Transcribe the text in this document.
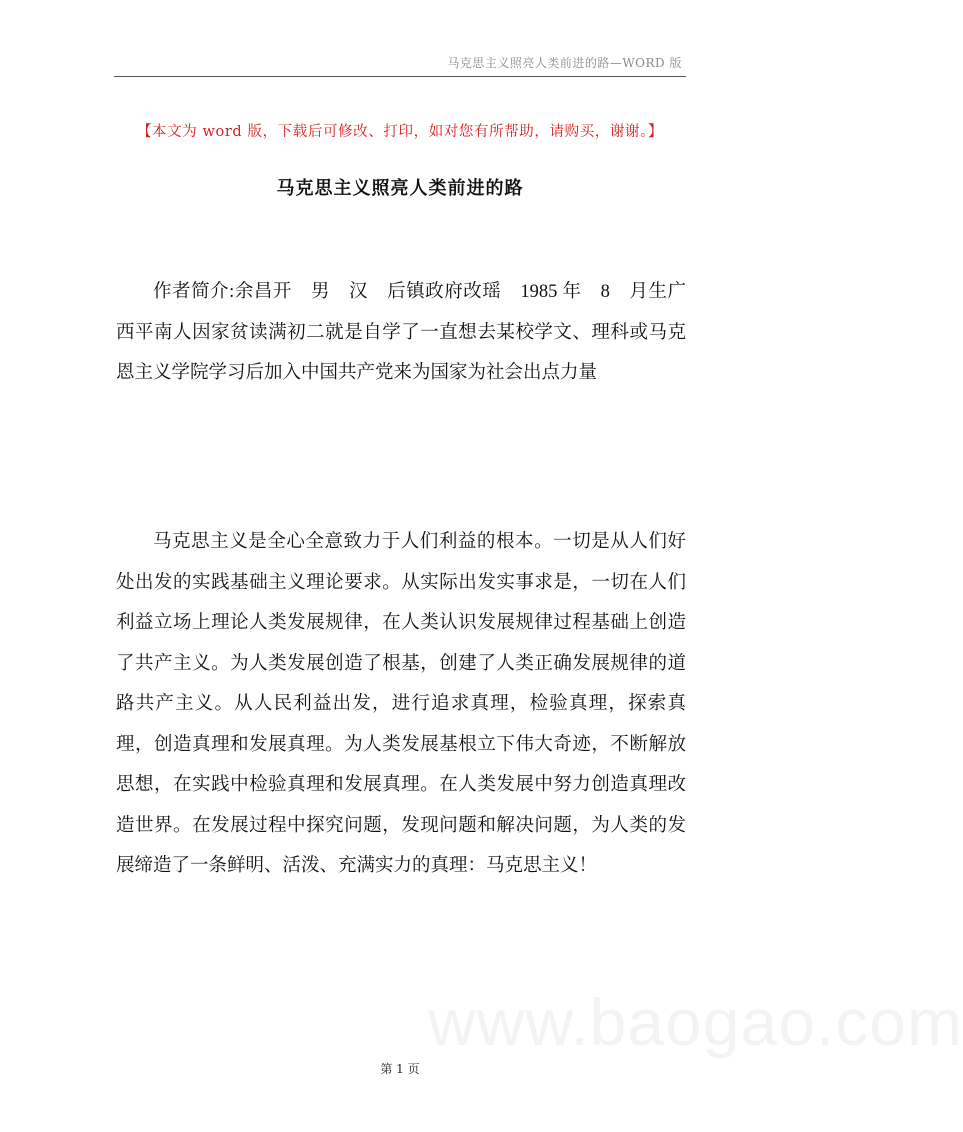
马克思主义照亮人类前进的路—WORD 版
【本文为 word 版，下载后可修改、打印，如对您有所帮助，请购买，谢谢。】
马克思主义照亮人类前进的路

作者简介:余昌开　男　汉　后镇政府改瑶　1985 年　8　月生广西平南人因家贫读满初二就是自学了一直想去某校学文、理科或马克恩主义学院学习后加入中国共产党来为国家为社会出点力量

马克思主义是全心全意致力于人们利益的根本。一切是从人们好处出发的实践基础主义理论要求。从实际出发实事求是，一切在人们利益立场上理论人类发展规律，在人类认识发展规律过程基础上创造了共产主义。为人类发展创造了根基，创建了人类正确发展规律的道路共产主义。从人民利益出发，进行追求真理，检验真理，探索真理，创造真理和发展真理。为人类发展基根立下伟大奇迹，不断解放思想，在实践中检验真理和发展真理。在人类发展中努力创造真理改造世界。在发展过程中探究问题，发现问题和解决问题，为人类的发展缔造了一条鲜明、活泼、充满实力的真理：马克思主义！

www.baogao.com
第 1 页
